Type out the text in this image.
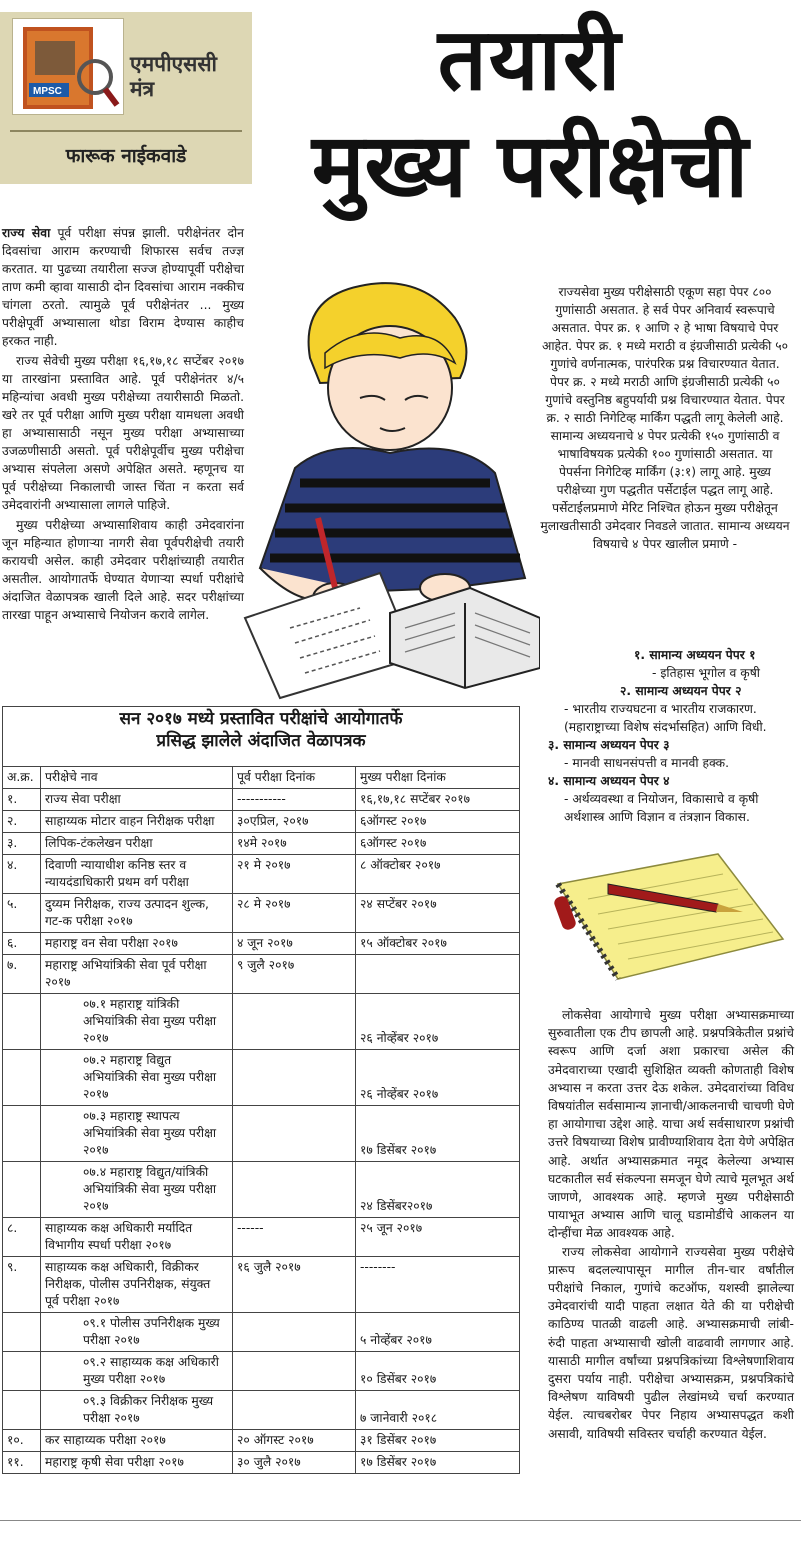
MPSC
एमपीएससी
मंत्र
फारूक नाईकवाडे
तयारी
मुख्य परीक्षेची

राज्य सेवा पूर्व परीक्षा संपन्न झाली. परीक्षेनंतर दोन दिवसांचा आराम करण्याची शिफारस सर्वच तज्ज्ञ करतात. या पुढच्या तयारीला सज्ज होण्यापूर्वी परीक्षेचा ताण कमी व्हावा यासाठी दोन दिवसांचा आराम नक्कीच चांगला ठरतो. त्यामुळे पूर्व परीक्षेनंतर ... मुख्य परीक्षेपूर्वी अभ्यासाला थोडा विराम देण्यास काहीच हरकत नाही.

राज्य सेवेची मुख्य परीक्षा १६,१७,१८ सप्टेंबर २०१७ या तारखांना प्रस्तावित आहे. पूर्व परीक्षेनंतर ४/५ महिन्यांचा अवधी मुख्य परीक्षेच्या तयारीसाठी मिळतो. खरे तर पूर्व परीक्षा आणि मुख्य परीक्षा यामधला अवधी हा अभ्यासासाठी नसून मुख्य परीक्षा अभ्यासाच्या उजळणीसाठी असतो. पूर्व परीक्षेपूर्वीच मुख्य परीक्षेचा अभ्यास संपलेला असणे अपेक्षित असते. म्हणूनच या पूर्व परीक्षेच्या निकालाची जास्त चिंता न करता सर्व उमेदवारांनी अभ्यासाला लागले पाहिजे.

मुख्य परीक्षेच्या अभ्यासाशिवाय काही उमेदवारांना जून महिन्यात होणाऱ्या नागरी सेवा पूर्वपरीक्षेची तयारी करायची असेल. काही उमेदवार परीक्षांच्याही तयारीत असतील. आयोगातर्फे घेण्यात येणाऱ्या स्पर्धा परीक्षांचे अंदाजित वेळापत्रक खाली दिले आहे. सदर परीक्षांच्या तारखा पाहून अभ्यासाचे नियोजन करावे लागेल.

राज्यसेवा मुख्य परीक्षेसाठी एकूण सहा पेपर ८०० गुणांसाठी असतात. हे सर्व पेपर अनिवार्य स्वरूपाचे असतात. पेपर क्र. १ आणि २ हे भाषा विषयाचे पेपर आहेत. पेपर क्र. १ मध्ये मराठी व इंग्रजीसाठी प्रत्येकी ५० गुणांचे वर्णनात्मक, पारंपरिक प्रश्न विचारण्यात येतात. पेपर क्र. २ मध्ये मराठी आणि इंग्रजीसाठी प्रत्येकी ५० गुणांचे वस्तुनिष्ठ बहुपर्यायी प्रश्न विचारण्यात येतात. पेपर क्र. २ साठी निगेटिव्ह मार्किंग पद्धती लागू केलेली आहे. सामान्य अध्ययनाचे ४ पेपर प्रत्येकी १५० गुणांसाठी व भाषाविषयक प्रत्येकी १०० गुणांसाठी असतात. या पेपर्सना निगेटिव्ह मार्किंग (३:१) लागू आहे. मुख्य परीक्षेच्या गुण पद्धतीत पर्सेटाईल पद्धत लागू आहे. पर्सेटाईलप्रमाणे मेरिट निश्चित होऊन मुख्य परीक्षेतून मुलाखतीसाठी उमेदवार निवडले जातात. सामान्य अध्ययन विषयाचे ४ पेपर खालील प्रमाणे -

१. सामान्य अध्ययन पेपर १
- इतिहास भूगोल व कृषी
२. सामान्य अध्ययन पेपर २
- भारतीय राज्यघटना व भारतीय राजकारण. (महाराष्ट्राच्या विशेष संदर्भासहित) आणि विधी.
३. सामान्य अध्ययन पेपर ३
- मानवी साधनसंपत्ती व मानवी हक्क.
४. सामान्य अध्ययन पेपर ४
- अर्थव्यवस्था व नियोजन, विकासाचे व कृषी अर्थशास्त्र आणि विज्ञान व तंत्रज्ञान विकास.

लोकसेवा आयोगाचे मुख्य परीक्षा अभ्यासक्रमाच्या सुरुवातीला एक टीप छापली आहे. प्रश्नपत्रिकेतील प्रश्नांचे स्वरूप आणि दर्जा अशा प्रकारचा असेल की उमेदवाराच्या एखादी सुशिक्षित व्यक्ती कोणताही विशेष अभ्यास न करता उत्तर देऊ शकेल. उमेदवारांच्या विविध विषयांतील सर्वसामान्य ज्ञानाची/आकलनाची चाचणी घेणे हा आयोगाचा उद्देश आहे. याचा अर्थ सर्वसाधारण प्रश्नांची उत्तरे विषयाच्या विशेष प्रावीण्याशिवाय देता येणे अपेक्षित आहे. अर्थात अभ्यासक्रमात नमूद केलेल्या अभ्यास घटकातील सर्व संकल्पना समजून घेणे त्याचे मूलभूत अर्थ जाणणे, आवश्यक आहे. म्हणजे मुख्य परीक्षेसाठी पायाभूत अभ्यास आणि चालू घडामोडींचे आकलन या दोन्हींचा मेळ आवश्यक आहे.

राज्य लोकसेवा आयोगाने राज्यसेवा मुख्य परीक्षेचे प्रारूप बदलल्यापासून मागील तीन-चार वर्षांतील परीक्षांचे निकाल, गुणांचे कटऑफ, यशस्वी झालेल्या उमेदवारांची यादी पाहता लक्षात येते की या परीक्षेची काठिण्य पातळी वाढली आहे. अभ्यासक्रमाची लांबी- रुंदी पाहता अभ्यासाची खोली वाढवावी लागणार आहे. यासाठी मागील वर्षांच्या प्रश्नपत्रिकांच्या विश्लेषणाशिवाय दुसरा पर्याय नाही. परीक्षेचा अभ्यासक्रम, प्रश्नपत्रिकांचे विश्लेषण याविषयी पुढील लेखांमध्ये चर्चा करण्यात येईल. त्याचबरोबर पेपर निहाय अभ्यासपद्धत कशी असावी, याविषयी सविस्तर चर्चाही करण्यात येईल.

सन २०१७ मध्ये प्रस्तावित परीक्षांचे आयोगातर्फे
प्रसिद्ध झालेले अंदाजित वेळापत्रक
अ.क्र.	परीक्षेचे नाव	पूर्व परीक्षा दिनांक	मुख्य परीक्षा दिनांक
१.	राज्य सेवा परीक्षा	-----------	१६,१७,१८ सप्टेंबर २०१७
२.	साहाय्यक मोटार वाहन निरीक्षक परीक्षा	३०एप्रिल, २०१७	६ऑगस्ट २०१७
३.	लिपिक-टंकलेखन परीक्षा	१४मे २०१७	६ऑगस्ट २०१७
४.	दिवाणी न्यायाधीश कनिष्ठ स्तर व न्यायदंडाधिकारी प्रथम वर्ग परीक्षा	२१ मे २०१७	८ ऑक्टोबर २०१७
५.	दुय्यम निरीक्षक, राज्य उत्पादन शुल्क, गट-क परीक्षा २०१७	२८ मे २०१७	२४ सप्टेंबर २०१७
६.	महाराष्ट्र वन सेवा परीक्षा २०१७	४ जून २०१७	१५ ऑक्टोबर २०१७
७.	महाराष्ट्र अभियांत्रिकी सेवा पूर्व परीक्षा २०१७	९ जुलै २०१७	
	०७.१ महाराष्ट्र यांत्रिकी अभियांत्रिकी सेवा मुख्य परीक्षा २०१७		२६ नोव्हेंबर २०१७
	०७.२ महाराष्ट्र विद्युत अभियांत्रिकी सेवा मुख्य परीक्षा २०१७		२६ नोव्हेंबर २०१७
	०७.३ महाराष्ट्र स्थापत्य अभियांत्रिकी सेवा मुख्य परीक्षा २०१७		१७ डिसेंबर २०१७
	०७.४ महाराष्ट्र विद्युत/यांत्रिकी अभियांत्रिकी सेवा मुख्य परीक्षा २०१७		२४ डिसेंबर२०१७
८.	साहाय्यक कक्ष अधिकारी मर्यादित विभागीय स्पर्धा परीक्षा २०१७	------	२५ जून २०१७
९.	साहाय्यक कक्ष अधिकारी, विक्रीकर निरीक्षक, पोलीस उपनिरीक्षक, संयुक्त पूर्व परीक्षा २०१७	१६ जुलै २०१७	--------
	०९.१ पोलीस उपनिरीक्षक मुख्य परीक्षा २०१७		५ नोव्हेंबर २०१७
	०९.२ साहाय्यक कक्ष अधिकारी मुख्य परीक्षा २०१७		१० डिसेंबर २०१७
	०९.३ विक्रीकर निरीक्षक मुख्य परीक्षा २०१७		७ जानेवारी २०१८
१०.	कर साहाय्यक परीक्षा २०१७	२० ऑगस्ट २०१७	३१ डिसेंबर २०१७
११.	महाराष्ट्र कृषी सेवा परीक्षा २०१७	३० जुलै २०१७	१७ डिसेंबर २०१७
